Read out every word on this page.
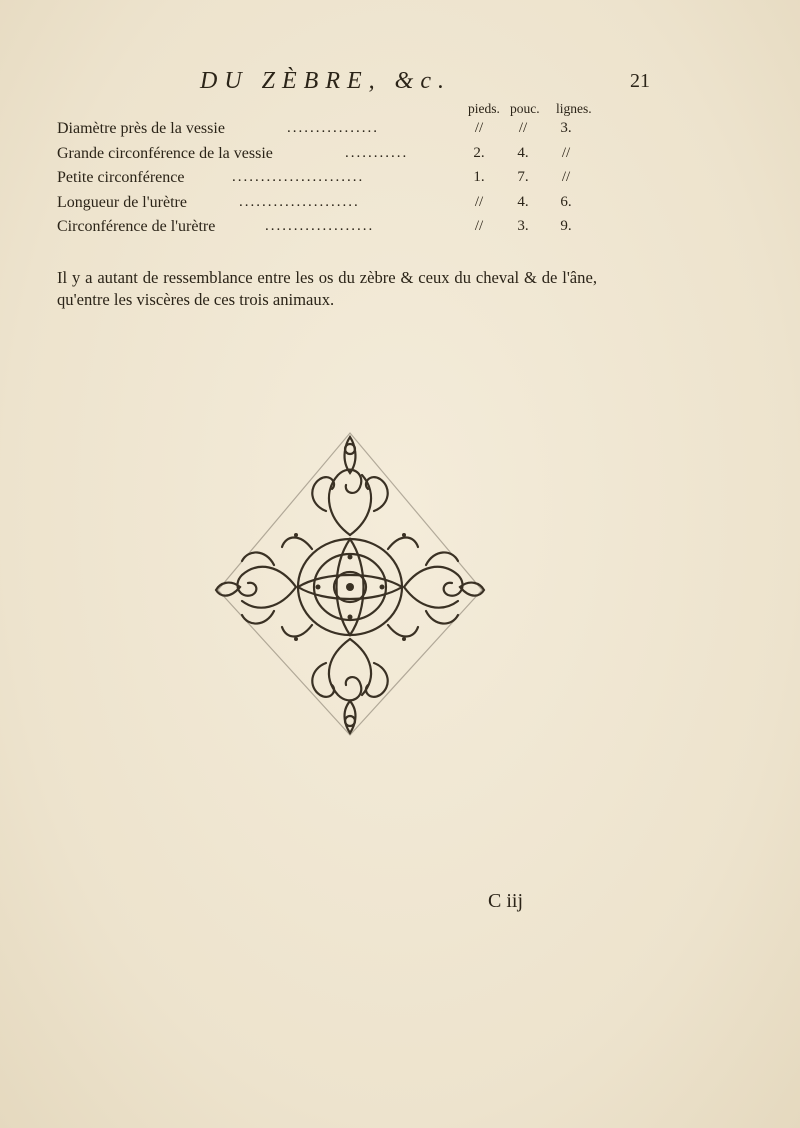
DU ZÈBRE, &c.	21
pieds. pouc. lignes.
Diamètre près de la vessie	................	//	//	3.
Grande circonférence de la vessie	...........	2.	4.	//
Petite circonférence	.......................	1.	7.	//
Longueur de l'urètre	.....................	//	4.	6.
Circonférence de l'urètre	...................	//	3.	9.
Il y a autant de ressemblance entre les os du zèbre & ceux du cheval & de l'âne, qu'entre les viscères de ces trois animaux.
C iij
